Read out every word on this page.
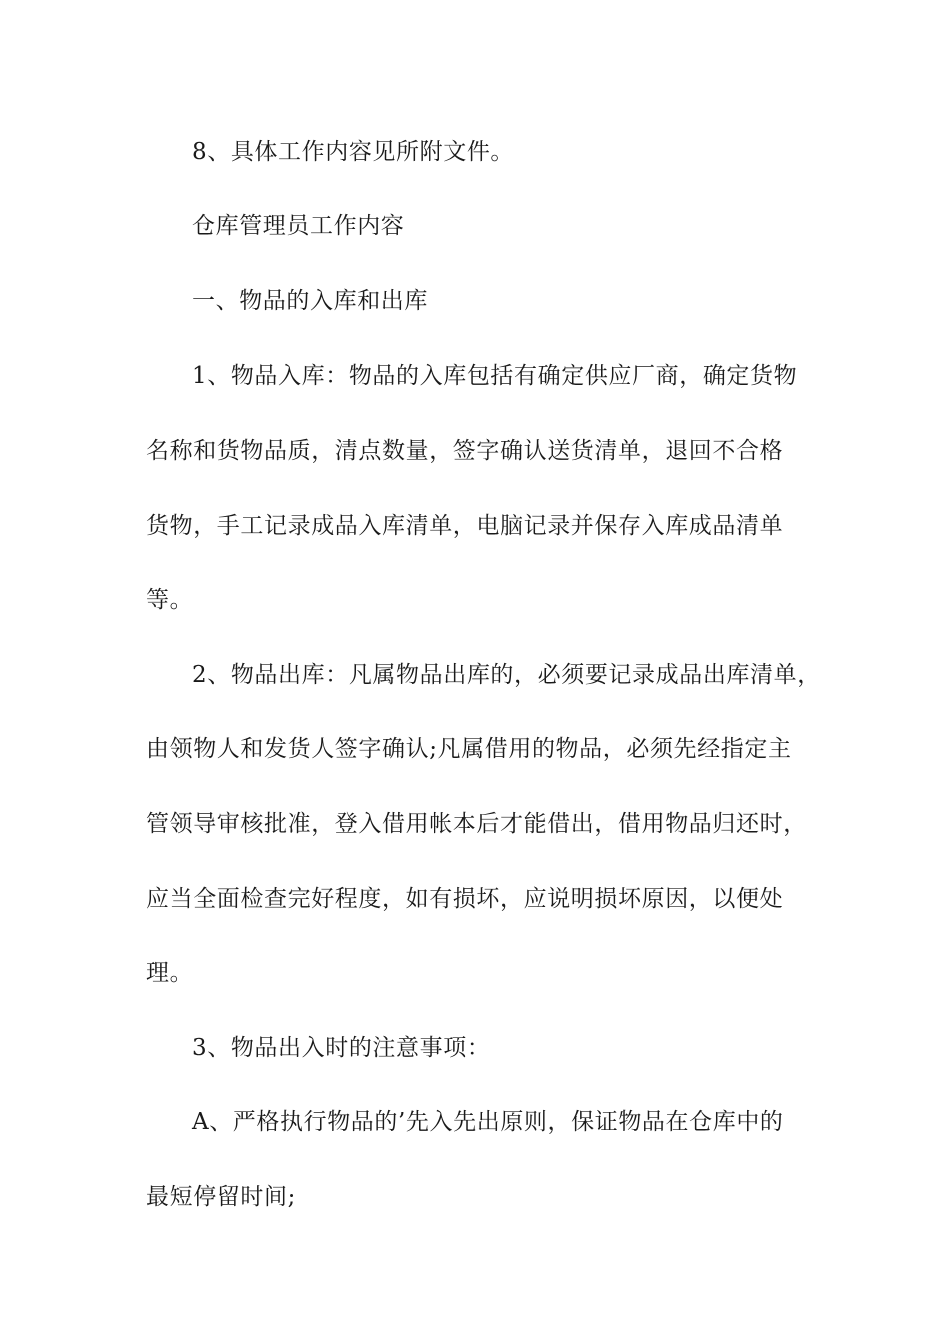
8、具体工作内容见所附文件。
仓库管理员工作内容
一、物品的入库和出库
1、物品入库：物品的入库包括有确定供应厂商，确定货物
名称和货物品质，清点数量，签字确认送货清单，退回不合格
货物，手工记录成品入库清单，电脑记录并保存入库成品清单
等。
2、物品出库：凡属物品出库的，必须要记录成品出库清单，
由领物人和发货人签字确认;凡属借用的物品，必须先经指定主
管领导审核批准，登入借用帐本后才能借出，借用物品归还时，
应当全面检查完好程度，如有损坏，应说明损坏原因，以便处
理。
3、物品出入时的注意事项：
A、严格执行物品的’先入先出原则，保证物品在仓库中的
最短停留时间;
